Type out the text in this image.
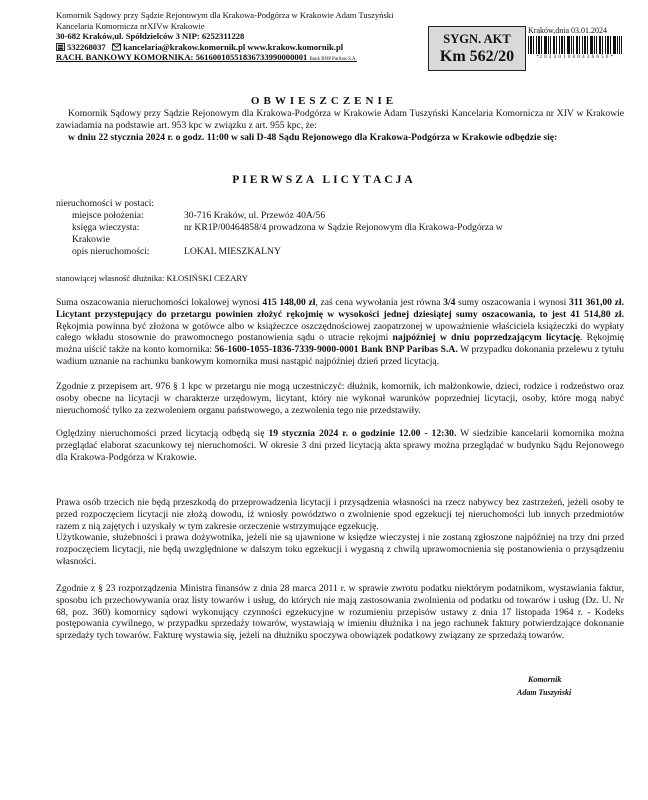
Komornik Sądowy przy Sądzie Rejonowym dla Krakowa-Podgórza w Krakowie Adam Tuszyński
Kancelaria Komornicza nrXIVw Krakowie
30-682 Kraków,ul. Spółdzielców 3 NIP: 6252311228
532268037 kancelaria@krakow.komornik.pl www.krakow.komornik.pl
RACH. BANKOWY KOMORNIKA: 56160010551836733990000001 Bank BNP Paribas S.A.
SYGN. AKT
Km 562/20
Kraków,dnia 03.01.2024
*2 0 2 4 0 1 0 0 0 4 3 6 6 5 6 *
OBWIESZCZENIE
Komornik Sądowy przy Sądzie Rejonowym dla Krakowa-Podgórza w Krakowie Adam Tuszyński Kancelaria Komornicza nr XIV w Krakowie zawiadamia na podstawie art. 953 kpc w związku z art. 955 kpc, że:
w dniu 22 stycznia 2024 r. o godz. 11:00 w sali D-48 Sądu Rejonowego dla Krakowa-Podgórza w Krakowie odbędzie się:
PIERWSZA LICYTACJA
nieruchomości w postaci:
miejsce położenia:	30-716 Kraków, ul. Przewóz 40A/56
księga wieczysta:	nr KR1P/00464858/4 prowadzona w Sądzie Rejonowym dla Krakowa-Podgórza w
Krakowie
opis nieruchomości:	LOKAL MIESZKALNY
stanowiącej własność dłużnika: KŁOSIŃSKI CEZARY
Suma oszacowania nieruchomości lokalowej wynosi 415 148,00 zł, zaś cena wywołania jest równa 3/4 sumy oszacowania i wynosi 311 361,00 zł. Licytant przystępujący do przetargu powinien złożyć rękojmię w wysokości jednej dziesiątej sumy oszacowania, to jest 41 514,80 zł. Rękojmia powinna być złożona w gotówce albo w książeczce oszczędnościowej zaopatrzonej w upoważnienie właściciela książeczki do wypłaty całego wkładu stosownie do prawomocnego postanowienia sądu o utracie rękojmi najpóźniej w dniu poprzedzającym licytację. Rękojmię można uiścić także na konto komornika: 56-1600-1055-1836-7339-9000-0001 Bank BNP Paribas S.A. W przypadku dokonania przelewu z tytułu wadium uznanie na rachunku bankowym komornika musi nastąpić najpóźniej dzień przed licytacją.
Zgodnie z przepisem art. 976 § 1 kpc w przetargu nie mogą uczestniczyć: dłużnik, komornik, ich małżonkowie, dzieci, rodzice i rodzeństwo oraz osoby obecne na licytacji w charakterze urzędowym, licytant, który nie wykonał warunków poprzedniej licytacji, osoby, które mogą nabyć nieruchomość tylko za zezwoleniem organu państwowego, a zezwolenia tego nie przedstawiły.
Oględziny nieruchomości przed licytacją odbędą się 19 stycznia 2024 r. o godzinie 12.00 - 12:30. W siedzibie kancelarii komornika można przeglądać elaborat szacunkowy tej nieruchomości. W okresie 3 dni przed licytacją akta sprawy można przeglądać w budynku Sądu Rejonowego dla Krakowa-Podgórza w Krakowie.
Prawa osób trzecich nie będą przeszkodą do przeprowadzenia licytacji i przysądzenia własności na rzecz nabywcy bez zastrzeżeń, jeżeli osoby te przed rozpoczęciem licytacji nie złożą dowodu, iż wniosły powództwo o zwolnienie spod egzekucji tej nieruchomości lub innych przedmiotów razem z nią zajętych i uzyskały w tym zakresie orzeczenie wstrzymujące egzekucję.
Użytkowanie, służebności i prawa dożywotnika, jeżeli nie są ujawnione w księdze wieczystej i nie zostaną zgłoszone najpóźniej na trzy dni przed rozpoczęciem licytacji, nie będą uwzględnione w dalszym toku egzekucji i wygasną z chwilą uprawomocnienia się postanowienia o przysądzeniu własności.
Zgodnie z § 23 rozporządzenia Ministra finansów z dnia 28 marca 2011 r. w sprawie zwrotu podatku niektórym podatnikom, wystawiania faktur, sposobu ich przechowywania oraz listy towarów i usług, do których nie mają zastosowania zwolnienia od podatku od towarów i usług (Dz. U. Nr 68, poz. 360) komornicy sądowi wykonujący czynności egzekucyjne w rozumieniu przepisów ustawy z dnia 17 listopada 1964 r. - Kodeks postępowania cywilnego, w przypadku sprzedaży towarów, wystawiają w imieniu dłużnika i na jego rachunek faktury potwierdzające dokonanie sprzedaży tych towarów. Fakturę wystawia się, jeżeli na dłużniku spoczywa obowiązek podatkowy związany ze sprzedażą towarów.
Komornik
Adam Tuszyński
